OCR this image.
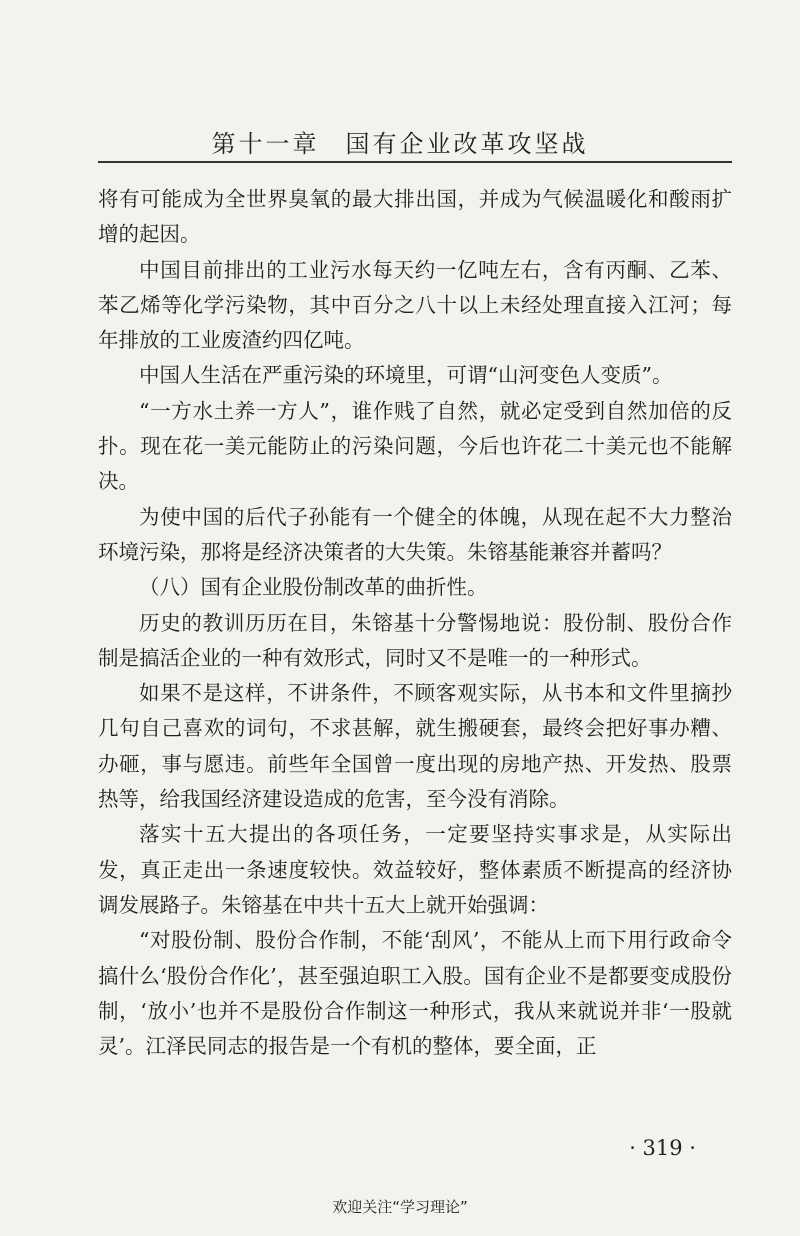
第十一章 国有企业改革攻坚战

将有可能成为全世界臭氧的最大排出国，并成为气候温暖化和酸雨扩增的起因。

中国目前排出的工业污水每天约一亿吨左右，含有丙酮、乙苯、苯乙烯等化学污染物，其中百分之八十以上未经处理直接入江河；每年排放的工业废渣约四亿吨。

中国人生活在严重污染的环境里，可谓“山河变色人变质”。

“一方水土养一方人”，谁作贱了自然，就必定受到自然加倍的反扑。现在花一美元能防止的污染问题，今后也许花二十美元也不能解决。

为使中国的后代子孙能有一个健全的体魄，从现在起不大力整治环境污染，那将是经济决策者的大失策。朱镕基能兼容并蓄吗？

（八）国有企业股份制改革的曲折性。

历史的教训历历在目，朱镕基十分警惕地说：股份制、股份合作制是搞活企业的一种有效形式，同时又不是唯一的一种形式。

如果不是这样，不讲条件，不顾客观实际，从书本和文件里摘抄几句自己喜欢的词句，不求甚解，就生搬硬套，最终会把好事办糟、办砸，事与愿违。前些年全国曾一度出现的房地产热、开发热、股票热等，给我国经济建设造成的危害，至今没有消除。

落实十五大提出的各项任务，一定要坚持实事求是，从实际出发，真正走出一条速度较快。效益较好，整体素质不断提高的经济协调发展路子。朱镕基在中共十五大上就开始强调：

“对股份制、股份合作制，不能‘刮风’，不能从上而下用行政命令搞什么‘股份合作化’，甚至强迫职工入股。国有企业不是都要变成股份制，‘放小’也并不是股份合作制这一种形式，我从来就说并非‘一股就灵’。江泽民同志的报告是一个有机的整体，要全面，正

· 319 ·
欢迎关注“学习理论”
